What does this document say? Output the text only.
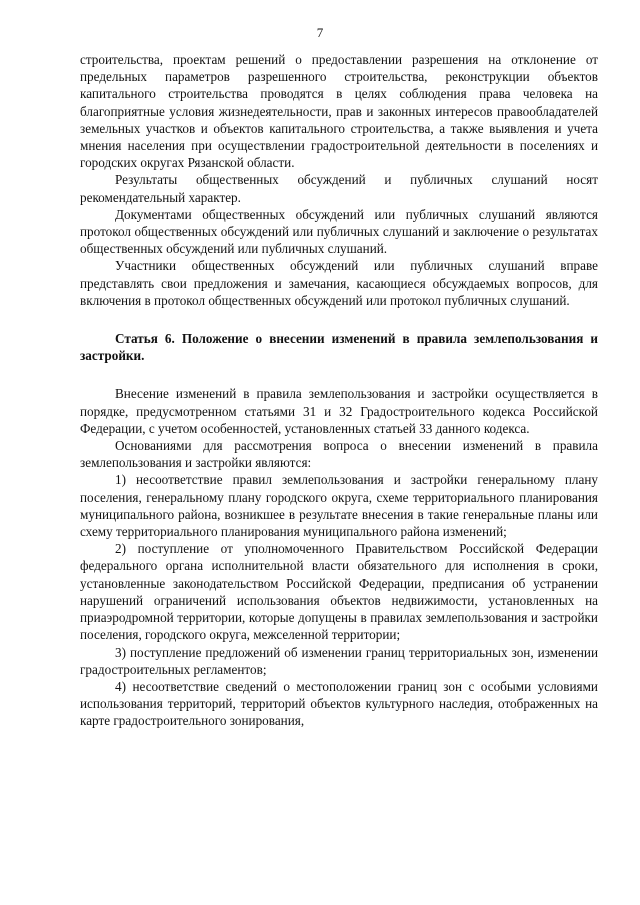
7

строительства, проектам решений о предоставлении разрешения на отклонение от предельных параметров разрешенного строительства, реконструкции объектов капитального строительства проводятся в целях соблюдения права человека на благоприятные условия жизнедеятельности, прав и законных интересов правообладателей земельных участков и объектов капитального строительства, а также выявления и учета мнения населения при осуществлении градостроительной деятельности в поселениях и городских округах Рязанской области.

Результаты общественных обсуждений и публичных слушаний носят рекомендательный характер.

Документами общественных обсуждений или публичных слушаний являются протокол общественных обсуждений или публичных слушаний и заключение о результатах общественных обсуждений или публичных слушаний.

Участники общественных обсуждений или публичных слушаний вправе представлять свои предложения и замечания, касающиеся обсуждаемых вопросов, для включения в протокол общественных обсуждений или протокол публичных слушаний.

Статья 6. Положение о внесении изменений в правила землепользования и застройки.

Внесение изменений в правила землепользования и застройки осуществляется в порядке, предусмотренном статьями 31 и 32 Градостроительного кодекса Российской Федерации, с учетом особенностей, установленных статьей 33 данного кодекса.

Основаниями для рассмотрения вопроса о внесении изменений в правила землепользования и застройки являются:

1) несоответствие правил землепользования и застройки генеральному плану поселения, генеральному плану городского округа, схеме территориального планирования муниципального района, возникшее в результате внесения в такие генеральные планы или схему территориального планирования муниципального района изменений;

2) поступление от уполномоченного Правительством Российской Федерации федерального органа исполнительной власти обязательного для исполнения в сроки, установленные законодательством Российской Федерации, предписания об устранении нарушений ограничений использования объектов недвижимости, установленных на приаэродромной территории, которые допущены в правилах землепользования и застройки поселения, городского округа, межселенной территории;

3) поступление предложений об изменении границ территориальных зон, изменении градостроительных регламентов;

4) несоответствие сведений о местоположении границ зон с особыми условиями использования территорий, территорий объектов культурного наследия, отображенных на карте градостроительного зонирования,
